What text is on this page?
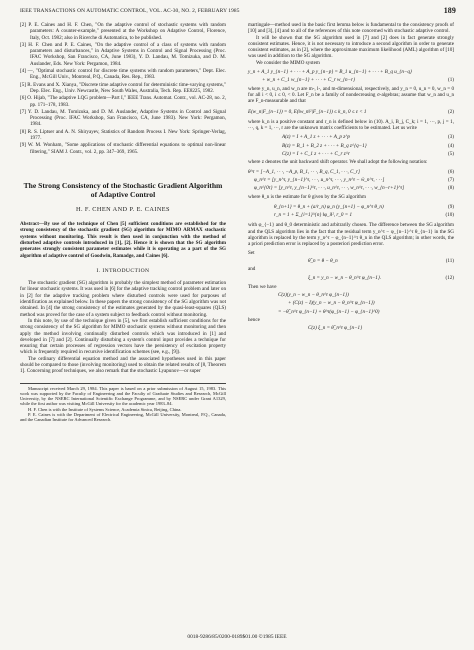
IEEE TRANSACTIONS ON AUTOMATIC CONTROL, VOL. AC-30, NO. 2, FEBRUARY 1985	189
[2] P. E. Caines and H. F. Chen, "On the adaptive control of stochastic systems with random parameters: A counter-example," presented at the Workshop on Adaptive Control, Florence, Italy, Oct. 1982; also in Ricerche di Automatica, to be published.
[3] H. F. Chen and P. E. Caines, "On the adaptive control of a class of systems with random parameters and disturbances," in Adaptive Systems in Control and Signal Processing (Proc. IFAC Workshop, San Francisco, CA, June 1983), Y. D. Landau, M. Tomizuka, and D. M. Auslander, Eds. New York: Pergamon, 1984.
[4] —, "Optimal stochastic control for discrete time systems with random parameters," Dept. Elec. Eng., McGill Univ., Montreal, P.Q., Canada, Res. Rep., 1983.
[5] R. Evans and X. Xianya, "Discrete time adaptive control for deterministic time-varying systems," Dep. Elec. Eng., Univ. Newcastle, New South Wales, Australia, Tech. Rep. EE8225, 1982.
[6] O. Hijab, "The adaptive LQG problem—Part I," IEEE Trans. Automat. Contr., vol. AC-28, no. 2, pp. 171–178, 1983.
[7] Y. D. Landau, M. Tomizuka, and D. M. Auslander, Adaptive Systems in Control and Signal Processing (Proc. IFAC Workshop, San Francisco, CA, June 1983). New York: Pergamon, 1984.
[8] R. S. Liptser and A. N. Shiryayev, Statistics of Random Process I. New York: Springer-Verlag, 1977.
[9] W. M. Wonham, "Some applications of stochastic differential equations to optimal non-linear filtering," SIAM J. Contr., vol. 2, pp. 347–369, 1965.
The Strong Consistency of the Stochastic Gradient Algorithm of Adaptive Control
H. F. CHEN AND P. E. CAINES
Abstract—By use of the technique of Chen [5] sufficient conditions are established for the strong consistency of the stochastic gradient (SG) algorithm for MIMO ARMAX stochastic systems without monitoring. This result is then used in conjunction with the method of disturbed adaptive controls introduced in [1], [2]. Hence it is shown that the SG algorithm generates strongly consistent parameter estimates while it is operating as a part of the SG algorithm of adaptive control of Goodwin, Ramadge, and Caines [6].
I. INTRODUCTION

The stochastic gradient (SG) algorithm is probably the simplest method of parameter estimation for linear stochastic systems. It was used in [6] for the adaptive tracking control problem and later on in [2] for the adaptive tracking problem where disturbed controls were used for purposes of identification as explained below. In these papers the strong consistency of the SG algorithm was not obtained. In [4] the strong consistency of the estimates generated by the quasi-least-squares (QLS) method was proved for the case of a system subject to feedback control without monitoring.

In this note, by use of the technique given in [5], we first establish sufficient conditions for the strong consistency of the SG algorithm for MIMO stochastic systems without monitoring and then apply the method involving continually disturbed controls which was introduced in [1] and developed in [7] and [2]. Continually disturbing a system's control input provides a technique for ensuring that certain processes of regression vectors have the persistency of excitation property which is frequently required in recursive identification schemes (see, e.g., [9]).

The ordinary differential equation method and the associated hypotheses used in this paper should be compared to those (involving monitoring) used to obtain the related results of [8, Theorem 1]. Concerning proof techniques, we also remark that the stochastic Lyapunov—or super

Manuscript received March 29, 1984. This paper is based on a prior submission of August 15, 1983. This work was supported by the Faculty of Engineering and the Faculty of Graduate Studies and Research, McGill University, by the NSERC International Scientific Exchange Programme, and by NSERC under Grant A1329, while the first author was visiting McGill University for the academic year 1983–84.

H. F. Chen is with the Institute of Systems Science, Academia Sinica, Beijing, China.

P. E. Caines is with the Department of Electrical Engineering, McGill University, Montreal, P.Q., Canada, and the Canadian Institute for Advanced Research.

martingale—method used in the basic first lemma below is fundamental to the consistency proofs of [10] and [3], [4] and to all of the references of this note concerned with stochastic adaptive control.

It will be shown that the SG algorithm used in [7] and [2] does in fact generate strongly consistent estimates. Hence, it is not necessary to introduce a second algorithm in order to generate consistent estimates, as in [2], where the approximate maximum likelihood (AML) algorithm of [10] was used in addition to the SG algorithm.

We consider the MIMO system

y_n + A_1 y_{n−1} + · · · + A_p y_{n−p} = B_1 u_{n−1} + · · · + B_q u_{n−q}
+ w_n + C_1 w_{n−1} + · · · + C_r w_{n−r}	(1)

where y_n, u_n, and w_n are m-, l-, and m-dimensional, respectively, and y_n = 0, u_n = 0, w_n = 0 for all i < 0, i ≤ 0, < 0. Let F_n be a family of nondecreasing σ-algebras; assume that w_n and u_n are F_n-measurable and that

E(w_n|F_{n−1}) = 0, E(‖w_n‖²|F_{n−1}) ≤ k_n, 0 ≤ ε < 1	(2)

where k_n is a positive constant and r_n is defined below in (10). A_i, B_j, C_k; i = 1, ···, p, j = 1, ···, q, k = 1, ···, r are the unknown matrix coefficients to be estimated. Let us write

A(z) = I + A_1 z + · · · + A_p z^p	(3)
B(z) = B_1 + B_2 z + · · · + B_q z^{q−1}	(4)
C(z) = I + C_1 z + · · · + C_r z^r	(5)

where z denotes the unit backward shift operator. We shall adopt the following notation:

θ^τ = [−A_1, · · ·, −A_p, B_1, · · ·, B_q, C_1, · · ·, C_r]	(6)
φ_n^τ = [y_n^τ, y_{n−1}^τ, · · ·, u_n^τ, · · ·, y_n^τ − ŵ_n^τ, · · ·]	(7)
φ_n^{0τ} = [y_n^τ, y_{n−1}^τ, · · ·, u_n^τ, · · ·, w_n^τ, · · ·, w_{n−r+1}^τ]	(8)

where θ_n is the estimate for θ given by the SG algorithm

θ_{n+1} = θ_n + (a/r_n) φ_n (y_{n+1} − φ_n^τ θ_n)	(9)
r_n = 1 + Σ_{i=1}^{n} ‖φ_i‖², r_0 = 1	(10)

with φ_{−1} and θ_0 deterministic and arbitrarily chosen. The difference between the SG algorithm and the QLS algorithm lies in the fact that the residual term y_n^τ − φ_{n−1}^τ θ_{n−1} in the SG algorithm is replaced by the term y_n^τ − φ_{n−1}^τ θ_n in the QLS algorithm; in other words, the a priori prediction error is replaced by a posteriori prediction error.

Set
θ̃_n = θ − θ_n	(11)
and
ξ_n = y_n − w_n − θ_n^τ φ_{n−1}.	(12)
Then we have
C(z)(y_n − w_n − θ_n^τ φ_{n−1})
+ (C(z) − I)(y_n − w_n − θ_n^τ φ_{n−1})
= −θ̃_n^τ φ_{n−1} + θ^τ(φ_{n−1} − φ_{n−1}^0)
hence
C(z) ξ_n = θ̃_n^τ φ_{n−1}
0018-9286/85/0200-0189$01.00 ©1985 IEEE
